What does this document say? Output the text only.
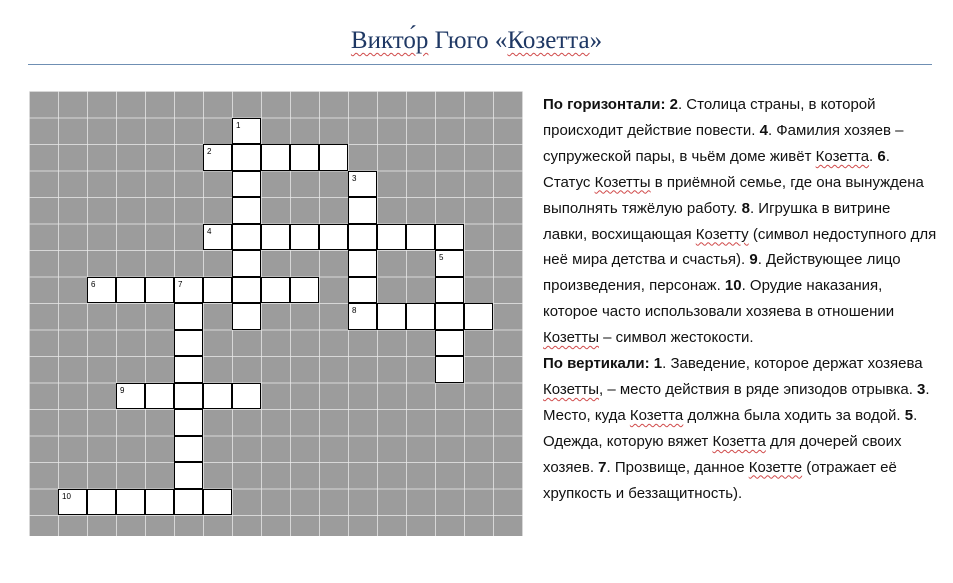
Викто́р Гюго «Козетта»
1
2
3
8
4
5
6	7
9
10

По горизонтали: 2. Столица страны, в которой происходит действие повести. 4. Фамилия хозяев – супружеской пары, в чьём доме живёт Козетта. 6. Статус Козетты в приёмной семье, где она вынуждена выполнять тяжёлую работу. 8. Игрушка в витрине лавки, восхищающая Козетту (символ недоступного для неё мира детства и счастья). 9. Действующее лицо произведения, персонаж. 10. Орудие наказания, которое часто использовали хозяева в отношении Козетты – символ жестокости.

По вертикали: 1. Заведение, которое держат хозяева Козетты, – место действия в ряде эпизодов отрывка. 3. Место, куда Козетта должна была ходить за водой. 5. Одежда, которую вяжет Козетта для дочерей своих хозяев. 7. Прозвище, данное Козетте (отражает её хрупкость и беззащитность).
